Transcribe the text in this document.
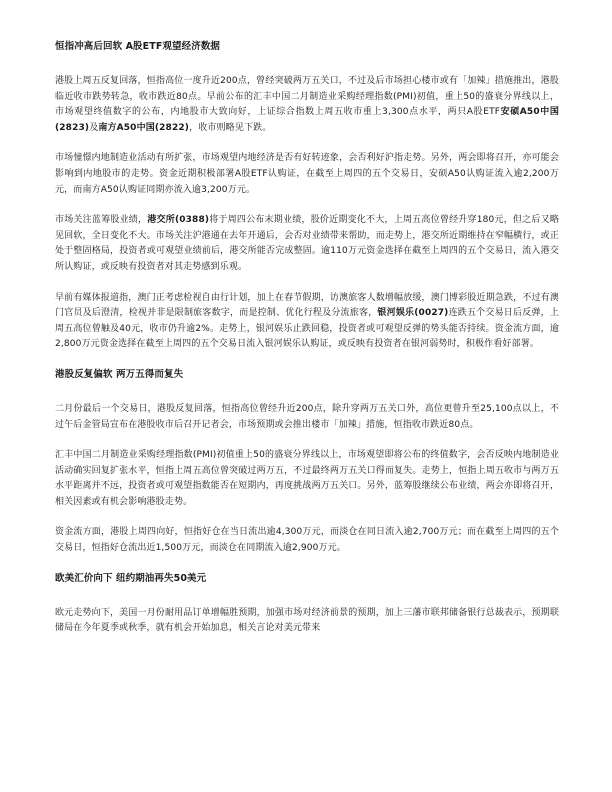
恒指冲高后回软 A股ETF观望经济数据

港股上周五反复回落，恒指高位一度升近200点，曾经突破两万五关口，不过及后市场担心楼市或有「加辣」措施推出，港股临近收市跌势转急，收市跌近80点。早前公布的汇丰中国二月制造业采购经理指数(PMI)初值，重上50的盛衰分界线以上，市场观望终值数字的公布，内地股市大致向好，上证综合指数上周五收市重上3,300点水平，两只A股ETF安硕A50中国(2823)及南方A50中国(2822)，收市则略见下跌。

市场憧憬内地制造业活动有所扩张，市场观望内地经济是否有好转迹象，会否利好沪指走势。另外，两会即将召开，亦可能会影响到内地股市的走势。资金近期积极部署A股ETF认购证，在截至上周四的五个交易日，安硕A50认购证流入逾2,200万元，而南方A50认购证同期亦流入逾3,200万元。

市场关注蓝筹股业绩，港交所(0388)将于周四公布末期业绩，股价近期变化不大，上周五高位曾经升穿180元，但之后又略见回软，全日变化不大。市场关注沪港通在去年开通后，会否对业绩带来帮助，而走势上，港交所近期维持在窄幅横行，或正处于整固格局，投资者或可观望业绩前后，港交所能否完成整固。逾110万元资金选择在截至上周四的五个交易日，流入港交所认购证，或反映有投资者对其走势感到乐观。

早前有媒体报道指，澳门正考虑检视自由行计划，加上在春节假期，访澳旅客人数增幅放缓，澳门博彩股近期急跌，不过有澳门官员及后澄清，检视并非是限制旅客数字，而是控制、优化行程及分流旅客，银河娱乐(0027)连跌五个交易日后反弹，上周五高位曾触及40元，收市仍升逾2%。走势上，银河娱乐止跌回稳，投资者或可观望反弹的势头能否持续。资金流方面，逾2,800万元资金选择在截至上周四的五个交易日流入银河娱乐认购证，或反映有投资者在银河弱势时，积极作看好部署。

港股反复偏软 两万五得而复失

二月份最后一个交易日，港股反复回落，恒指高位曾经升近200点，除升穿两万五关口外，高位更曾升至25,100点以上，不过午后金管局宣布在港股收市后召开记者会，市场预期或会推出楼市「加辣」措施，恒指收市跌近80点。

汇丰中国二月制造业采购经理指数(PMI)初值重上50的盛衰分界线以上，市场观望即将公布的终值数字，会否反映内地制造业活动确实回复扩张水平，恒指上周五高位曾突破过两万五，不过最终两万五关口得而复失。走势上，恒指上周五收市与两万五水平距离并不远，投资者或可观望指数能否在短期内，再度挑战两万五关口。另外，蓝筹股继续公布业绩，两会亦即将召开，相关因素或有机会影响港股走势。

资金流方面，港股上周四向好，恒指好仓在当日流出逾4,300万元，而淡仓在同日流入逾2,700万元；而在截至上周四的五个交易日，恒指好仓流出近1,500万元，而淡仓在同期流入逾2,900万元。

欧美汇价向下 纽约期油再失50美元

欧元走势向下，美国一月份耐用品订单增幅胜预期，加强市场对经济前景的预期，加上三藩市联邦储备银行总裁表示，预期联储局在今年夏季或秋季，就有机会开始加息，相关言论对美元带来
